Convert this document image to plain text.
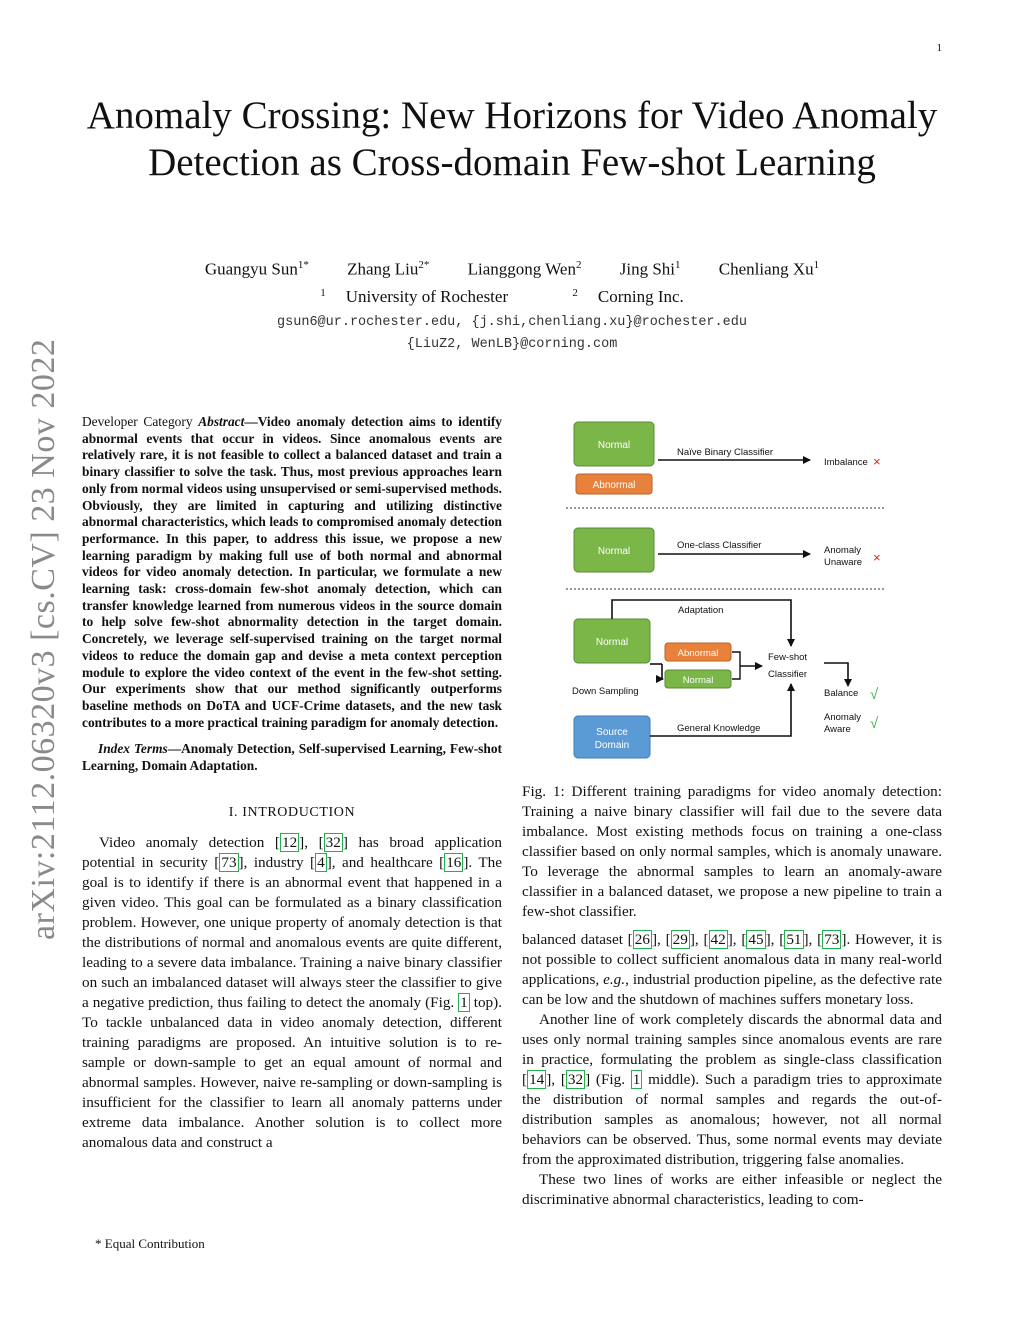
1
arXiv:2112.06320v3 [cs.CV] 23 Nov 2022
Anomaly Crossing: New Horizons for Video Anomaly Detection as Cross-domain Few-shot Learning
Guangyu Sun$^{1*}$ Zhang Liu$^{2*}$ Lianggong Wen$^2$ Jing Shi$^1$ Chenliang Xu$^1$
$^1$ University of Rochester	$^2$ Corning Inc.
gsun6@ur.rochester.edu, {j.shi,chenliang.xu}@rochester.edu
{LiuZ2, WenLB}@corning.com

Developer Category Abstract—Video anomaly detection aims to identify abnormal events that occur in videos. Since anomalous events are relatively rare, it is not feasible to collect a balanced dataset and train a binary classifier to solve the task. Thus, most previous approaches learn only from normal videos using unsupervised or semi-supervised methods. Obviously, they are limited in capturing and utilizing distinctive abnormal characteristics, which leads to compromised anomaly detection performance. In this paper, to address this issue, we propose a new learning paradigm by making full use of both normal and abnormal videos for video anomaly detection. In particular, we formulate a new learning task: cross-domain few-shot anomaly detection, which can transfer knowledge learned from numerous videos in the source domain to help solve few-shot abnormality detection in the target domain. Concretely, we leverage self-supervised training on the target normal videos to reduce the domain gap and devise a meta context perception module to explore the video context of the event in the few-shot setting. Our experiments show that our method significantly outperforms baseline methods on DoTA and UCF-Crime datasets, and the new task contributes to a more practical training paradigm for anomaly detection.

Index Terms—Anomaly Detection, Self-supervised Learning, Few-shot Learning, Domain Adaptation.

I. INTRODUCTION

Video anomaly detection [ 12 ], [ 32 ] has broad application potential in security [ 73 ], industry [ 4 ], and healthcare [ 16 ]. The goal is to identify if there is an abnormal event that happened in a given video. This goal can be formulated as a binary classification problem. However, one unique property of anomaly detection is that the distributions of normal and anomalous events are quite different, leading to a severe data imbalance. Training a naive binary classifier on such an imbalanced dataset will always steer the classifier to give a negative prediction, thus failing to detect the anomaly (Fig. 1 top). To tackle unbalanced data in video anomaly detection, different training paradigms are proposed. An intuitive solution is to re-sample or down-sample to get an equal amount of normal and abnormal samples. However, naive re-sampling or down-sampling is insufficient for the classifier to learn all anomaly patterns under extreme data imbalance. Another solution is to collect more anomalous data and construct a

* Equal Contribution
Normal
Abnormal
Naïve Binary Classifier
Imbalance ×
Normal
One-class Classifier	Anomaly
Unaware ×
Normal
Adaptation
Abnormal
Normal
Down Sampling
Few-shot
Classifier
Balance √
Anomaly
Aware √
Source
Domain
General Knowledge

Fig. 1: Different training paradigms for video anomaly detection: Training a naive binary classifier will fail due to the severe data imbalance. Most existing methods focus on training a one-class classifier based on only normal samples, which is anomaly unaware. To leverage the abnormal samples to learn an anomaly-aware classifier in a balanced dataset, we propose a new pipeline to train a few-shot classifier.

balanced dataset [ 26 ], [ 29 ], [ 42 ], [ 45 ], [ 51 ], [ 73 ]. However, it is not possible to collect sufficient anomalous data in many real-world applications, e.g., industrial production pipeline, as the defective rate can be low and the shutdown of machines suffers monetary loss.

Another line of work completely discards the abnormal data and uses only normal training samples since anomalous events are rare in practice, formulating the problem as single-class classification [ 14 ], [ 32 ] (Fig. 1 middle). Such a paradigm tries to approximate the distribution of normal samples and regards the out-of-distribution samples as anomalous; however, not all normal behaviors can be observed. Thus, some normal events may deviate from the approximated distribution, triggering false anomalies.

These two lines of works are either infeasible or neglect the discriminative abnormal characteristics, leading to com-
